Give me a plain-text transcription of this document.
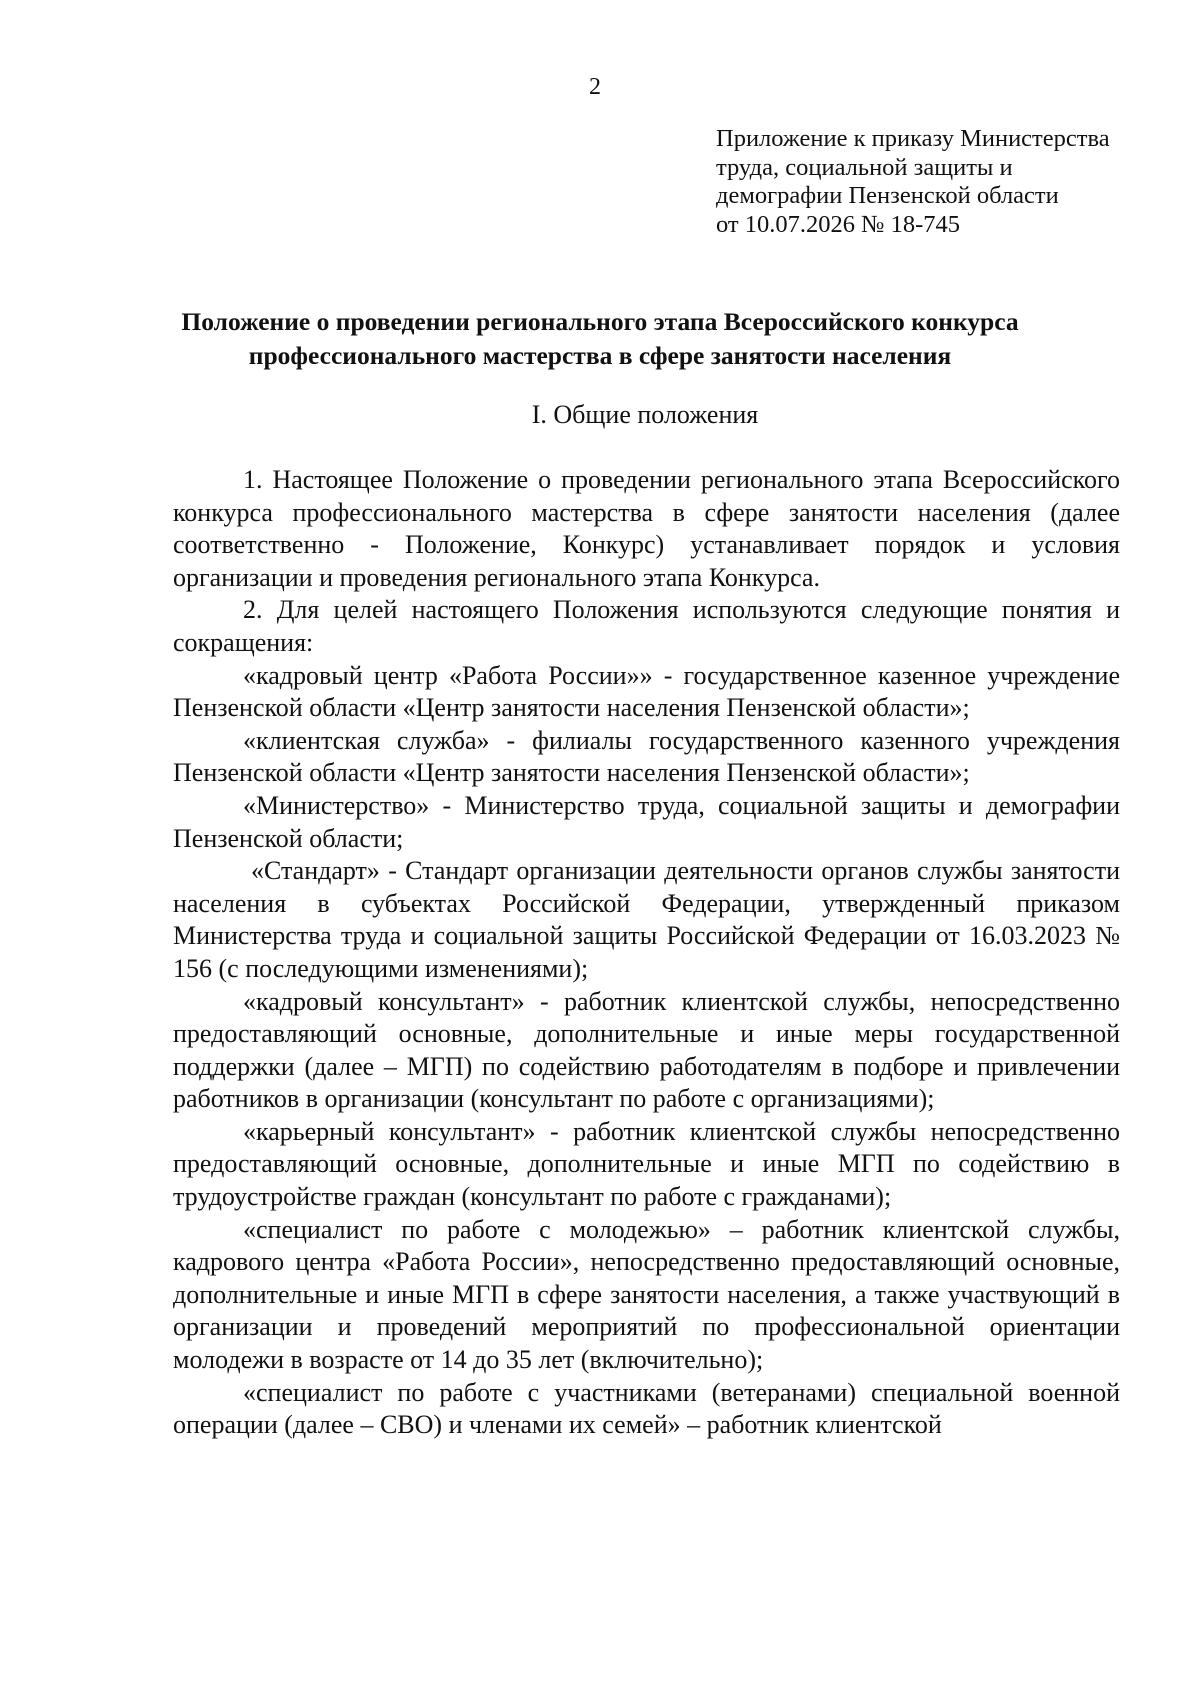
2
Приложение к приказу Министерства
труда, социальной защиты и
демографии Пензенской области
от 10.07.2026 № 18-745
Положение о проведении регионального этапа Всероссийского конкурса
профессионального мастерства в сфере занятости населения
I. Общие положения

1. Настоящее Положение о проведении регионального этапа Всероссийского конкурса профессионального мастерства в сфере занятости населения (далее соответственно - Положение, Конкурс) устанавливает порядок и условия организации и проведения регионального этапа Конкурса.

2. Для целей настоящего Положения используются следующие понятия и сокращения:

«кадровый центр «Работа России»» - государственное казенное учреждение Пензенской области «Центр занятости населения Пензенской области»;

«клиентская служба» - филиалы государственного казенного учреждения Пензенской области «Центр занятости населения Пензенской области»;

«Министерство» - Министерство труда, социальной защиты и демографии Пензенской области;

«Стандарт» - Стандарт организации деятельности органов службы занятости населения в субъектах Российской Федерации, утвержденный приказом Министерства труда и социальной защиты Российской Федерации от 16.03.2023 № 156 (с последующими изменениями);

«кадровый консультант» - работник клиентской службы, непосредственно предоставляющий основные, дополнительные и иные меры государственной поддержки (далее – МГП) по содействию работодателям в подборе и привлечении работников в организации (консультант по работе с организациями);

«карьерный консультант» - работник клиентской службы непосредственно предоставляющий основные, дополнительные и иные МГП по содействию в трудоустройстве граждан (консультант по работе с гражданами);

«специалист по работе с молодежью» – работник клиентской службы, кадрового центра «Работа России», непосредственно предоставляющий основные, дополнительные и иные МГП в сфере занятости населения, а также участвующий в организации и проведений мероприятий по профессиональной ориентации молодежи в возрасте от 14 до 35 лет (включительно);

«специалист по работе с участниками (ветеранами) специальной военной операции (далее – СВО) и членами их семей» – работник клиентской
